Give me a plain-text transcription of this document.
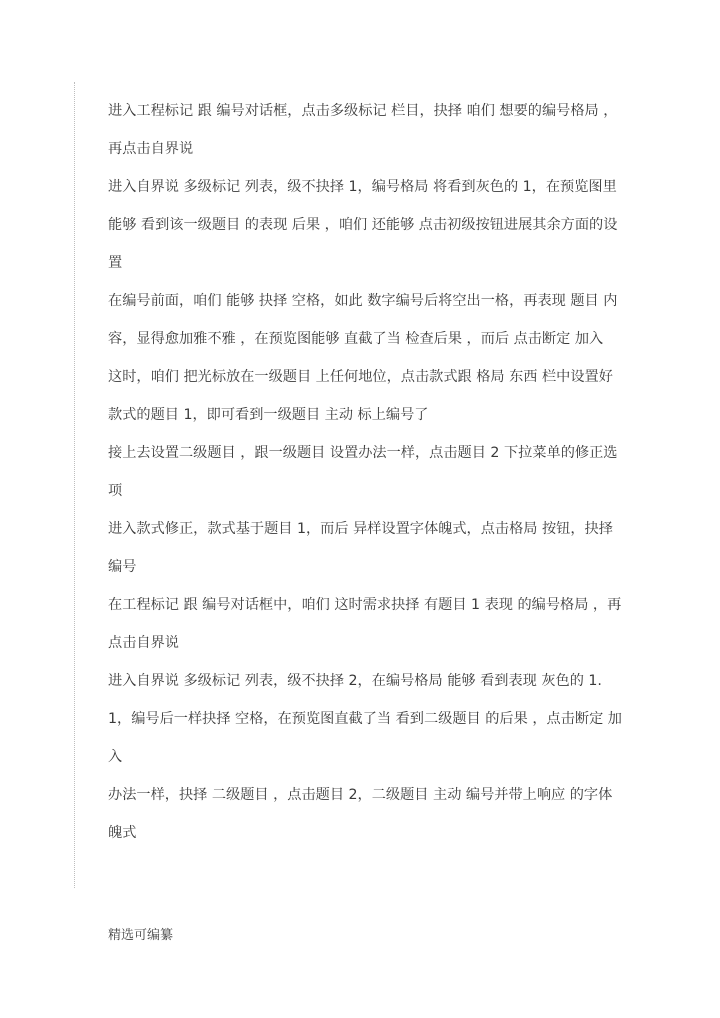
进入工程标记 跟 编号对话框，点击多级标记 栏目，抉择 咱们 想要的编号格局 ，再点击自界说

进入自界说 多级标记 列表，级不抉择 1，编号格局 将看到灰色的 1，在预览图里能够 看到该一级题目 的表现 后果 ，咱们 还能够 点击初级按钮进展其余方面的设置

在编号前面，咱们 能够 抉择 空格，如此 数字编号后将空出一格，再表现 题目 内容，显得愈加雅不雅 ，在预览图能够 直截了当 检查后果 ，而后 点击断定 加入

这时，咱们 把光标放在一级题目 上任何地位，点击款式跟 格局 东西 栏中设置好款式的题目 1，即可看到一级题目 主动 标上编号了

接上去设置二级题目 ，跟一级题目 设置办法一样，点击题目 2 下拉菜单的修正选项

进入款式修正，款式基于题目 1，而后 异样设置字体魄式，点击格局 按钮，抉择 编号

在工程标记 跟 编号对话框中，咱们 这时需求抉择 有题目 1 表现 的编号格局 ，再点击自界说

进入自界说 多级标记 列表，级不抉择 2，在编号格局 能够 看到表现 灰色的 1.1，编号后一样抉择 空格，在预览图直截了当 看到二级题目 的后果 ，点击断定 加入

办法一样，抉择 二级题目 ，点击题目 2，二级题目 主动 编号并带上响应 的字体魄式

精选可编纂
